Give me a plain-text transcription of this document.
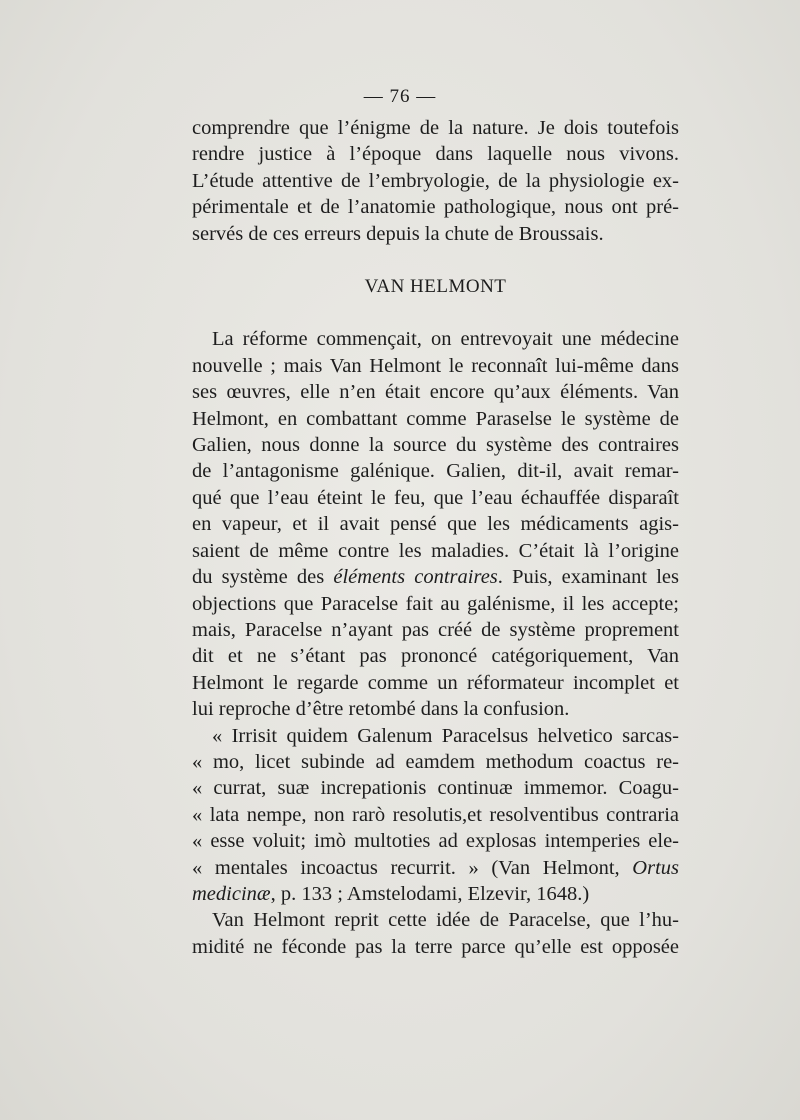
— 76 —
comprendre que l’énigme de la nature. Je dois toutefois
rendre justice à l’époque dans laquelle nous vivons.
L’étude attentive de l’embryologie, de la physiologie ex-
périmentale et de l’anatomie pathologique, nous ont pré-
servés de ces erreurs depuis la chute de Broussais.
VAN HELMONT
La réforme commençait, on entrevoyait une médecine
nouvelle ; mais Van Helmont le reconnaît lui-même dans
ses œuvres, elle n’en était encore qu’aux éléments. Van
Helmont, en combattant comme Paraselse le système de
Galien, nous donne la source du système des contraires
de l’antagonisme galénique. Galien, dit-il, avait remar-
qué que l’eau éteint le feu, que l’eau échauffée disparaît
en vapeur, et il avait pensé que les médicaments agis-
saient de même contre les maladies. C’était là l’origine
du système des éléments contraires. Puis, examinant les
objections que Paracelse fait au galénisme, il les accepte;
mais, Paracelse n’ayant pas créé de système proprement
dit et ne s’étant pas prononcé catégoriquement, Van
Helmont le regarde comme un réformateur incomplet et
lui reproche d’être retombé dans la confusion.
« Irrisit quidem Galenum Paracelsus helvetico sarcas-
« mo, licet subinde ad eamdem methodum coactus re-
« currat, suæ increpationis continuæ immemor. Coagu-
« lata nempe, non rarò resolutis,et resolventibus contraria
« esse voluit; imò multoties ad explosas intemperies ele-
« mentales incoactus recurrit. » (Van Helmont, Ortus
medicinæ, p. 133 ; Amstelodami, Elzevir, 1648.)
Van Helmont reprit cette idée de Paracelse, que l’hu-
midité ne féconde pas la terre parce qu’elle est opposée
